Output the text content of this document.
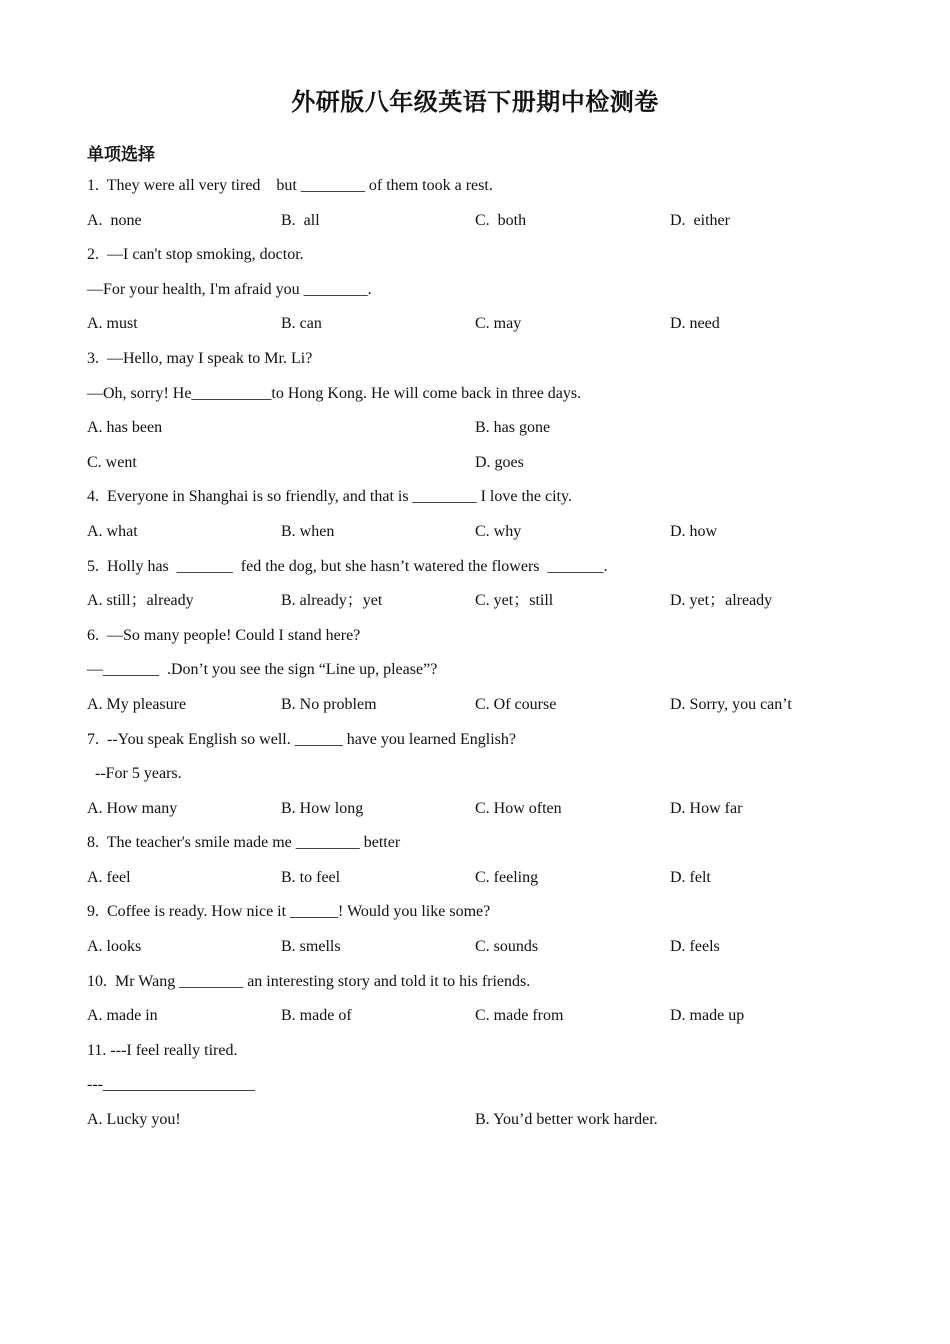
外研版八年级英语下册期中检测卷
单项选择
1.  They were all very tired    but ________ of them took a rest.
A.  none	B.  all	C.  both	D.  either
2.  —I can't stop smoking, doctor.
—For your health, I'm afraid you ________.
A. must	B. can	C. may	D. need
3.  —Hello, may I speak to Mr. Li?
—Oh, sorry! He__________to Hong Kong. He will come back in three days.
A. has been	B. has gone
C. went	D. goes
4.  Everyone in Shanghai is so friendly, and that is ________ I love the city.
A. what	B. when	C. why	D. how
5.  Holly has  _______  fed the dog, but she hasn’t watered the flowers  _______.
A. still；already	B. already；yet	C. yet；still	D. yet；already
6.  —So many people! Could I stand here?
—_______  .Don’t you see the sign “Line up, please”?
A. My pleasure	B. No problem	C. Of course	D. Sorry, you can’t
7.  --You speak English so well. ______ have you learned English?
--For 5 years.
A. How many	B. How long	C. How often	D. How far
8.  The teacher's smile made me ________ better
A. feel	B. to feel	C. feeling	D. felt
9.  Coffee is ready. How nice it ______! Would you like some?
A. looks	B. smells	C. sounds	D. feels
10.  Mr Wang ________ an interesting story and told it to his friends.
A. made in	B. made of	C. made from	D. made up
11. ---I feel really tired.
---___________________
A. Lucky you!	B. You’d better work harder.
